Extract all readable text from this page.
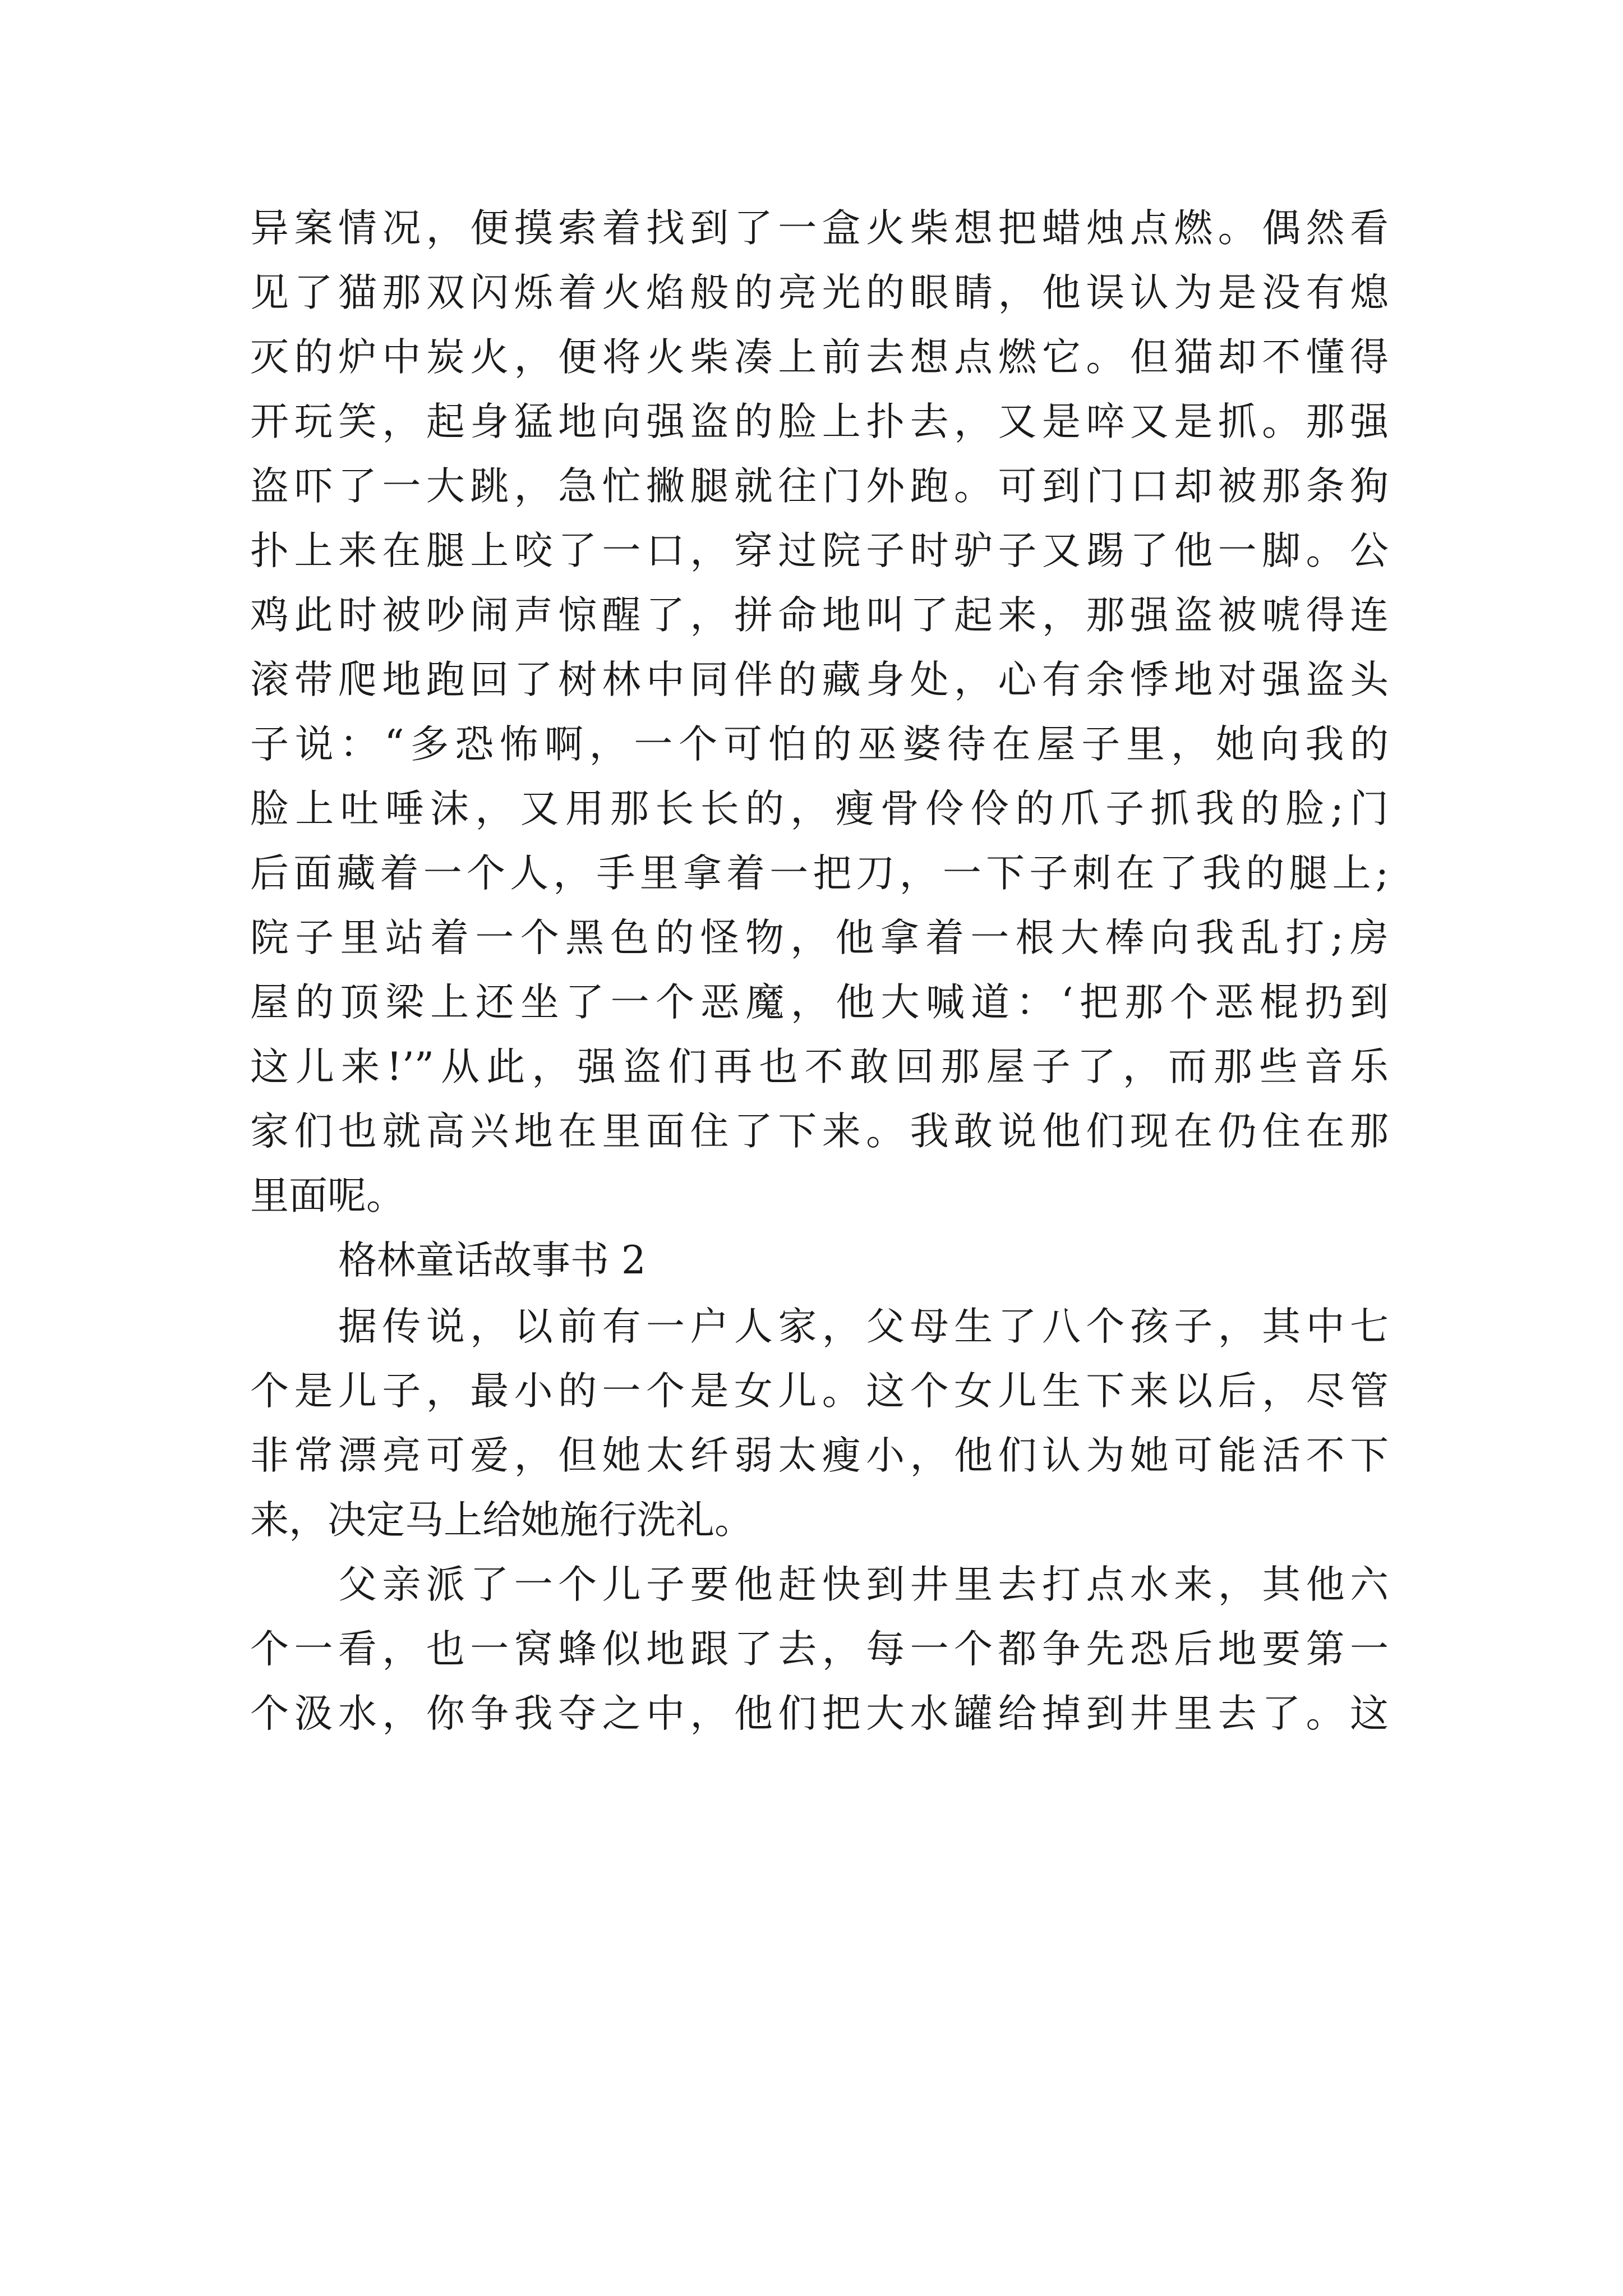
异案情况，便摸索着找到了一盒火柴想把蜡烛点燃。偶然看
见了猫那双闪烁着火焰般的亮光的眼睛，他误认为是没有熄
灭的炉中炭火，便将火柴凑上前去想点燃它。但猫却不懂得
开玩笑，起身猛地向强盗的脸上扑去，又是啐又是抓。那强
盗吓了一大跳，急忙撇腿就往门外跑。可到门口却被那条狗
扑上来在腿上咬了一口，穿过院子时驴子又踢了他一脚。公
鸡此时被吵闹声惊醒了，拼命地叫了起来，那强盗被唬得连
滚带爬地跑回了树林中同伴的藏身处，心有余悸地对强盗头
子说：“多恐怖啊，一个可怕的巫婆待在屋子里，她向我的
脸上吐唾沫，又用那长长的，瘦骨伶伶的爪子抓我的脸;门
后面藏着一个人，手里拿着一把刀，一下子刺在了我的腿上;
院子里站着一个黑色的怪物，他拿着一根大棒向我乱打;房
屋的顶梁上还坐了一个恶魔，他大喊道：‘把那个恶棍扔到
这儿来!’”从此，强盗们再也不敢回那屋子了，而那些音乐
家们也就高兴地在里面住了下来。我敢说他们现在仍住在那
里面呢。
格林童话故事书 2
据传说，以前有一户人家，父母生了八个孩子，其中七
个是儿子，最小的一个是女儿。这个女儿生下来以后，尽管
非常漂亮可爱，但她太纤弱太瘦小，他们认为她可能活不下
来，决定马上给她施行洗礼。
父亲派了一个儿子要他赶快到井里去打点水来，其他六
个一看，也一窝蜂似地跟了去，每一个都争先恐后地要第一
个汲水，你争我夺之中，他们把大水罐给掉到井里去了。这
